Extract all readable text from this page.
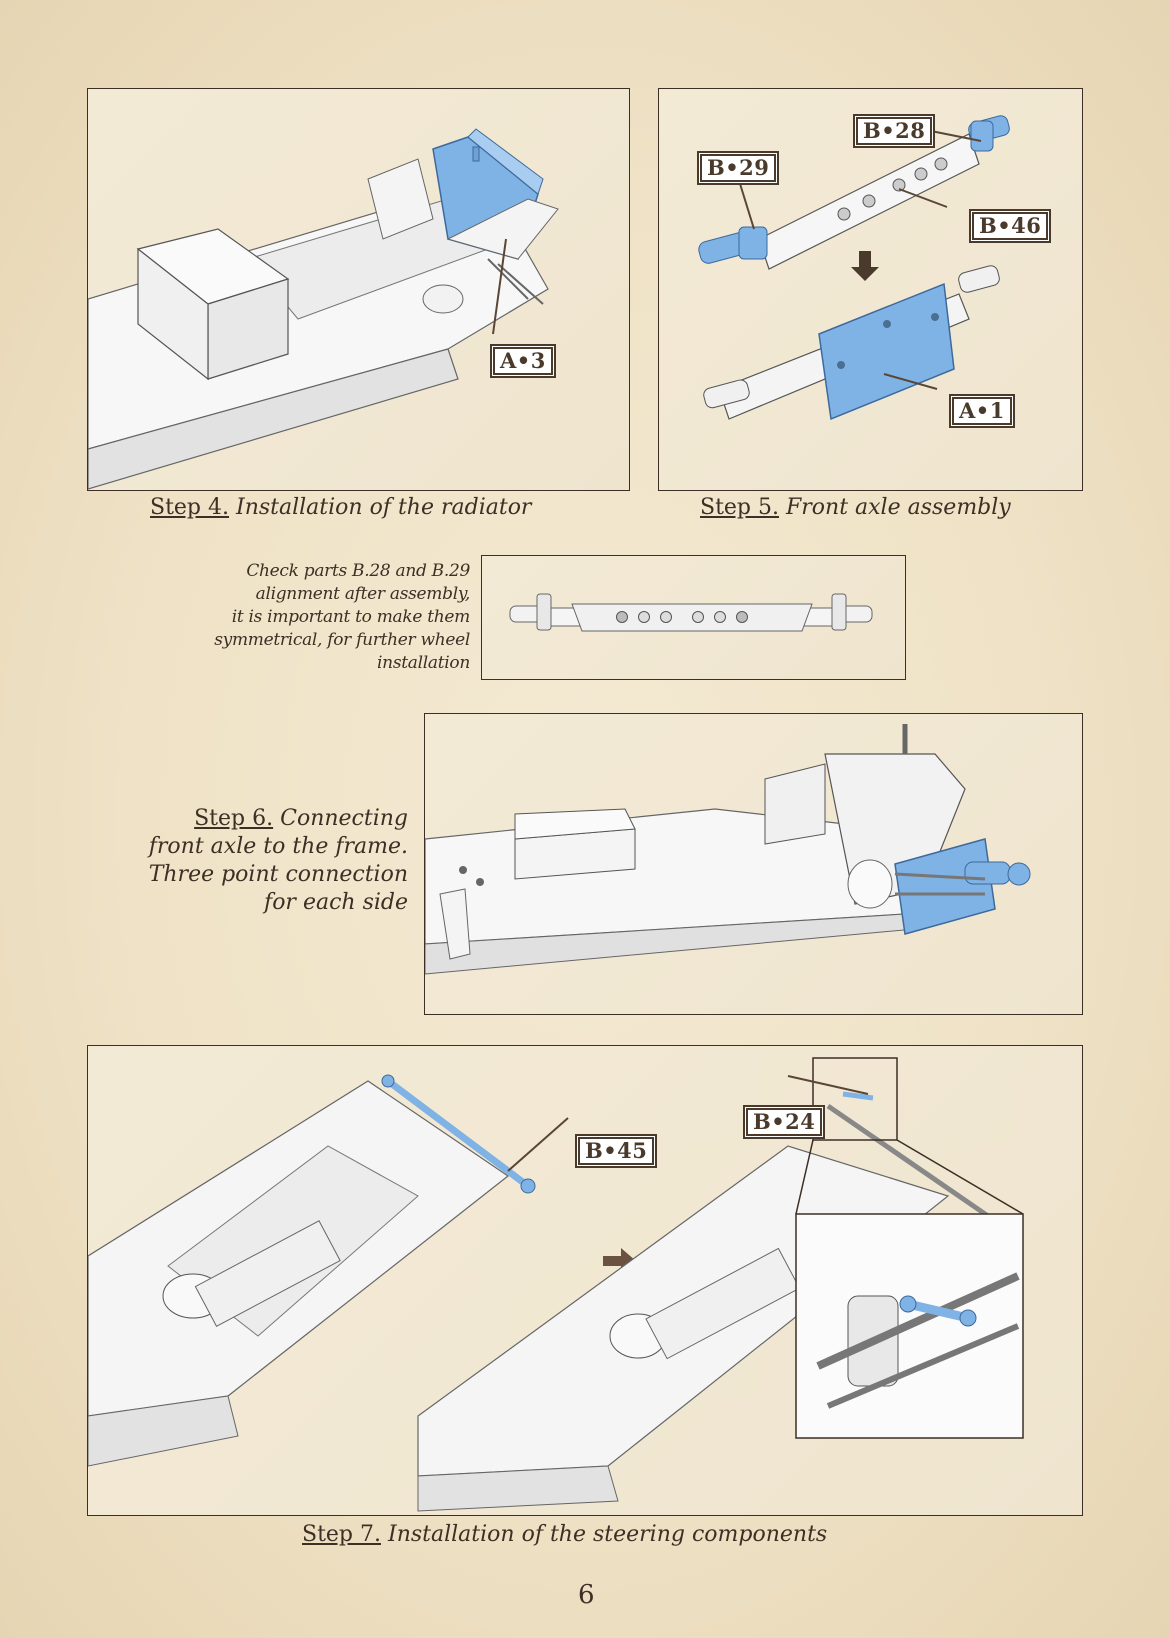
A•3
Step 4. Installation of the radiator
B•28
B•29
B•46
A•1
Step 5. Front axle assembly
Check parts B.28 and B.29
alignment after assembly,
it is important to make them
symmetrical, for further wheel
installation
Step 6. Connecting
front axle to the frame.
Three point connection
for each side
B•45
B•24
Step 7. Installation of the steering components
6
